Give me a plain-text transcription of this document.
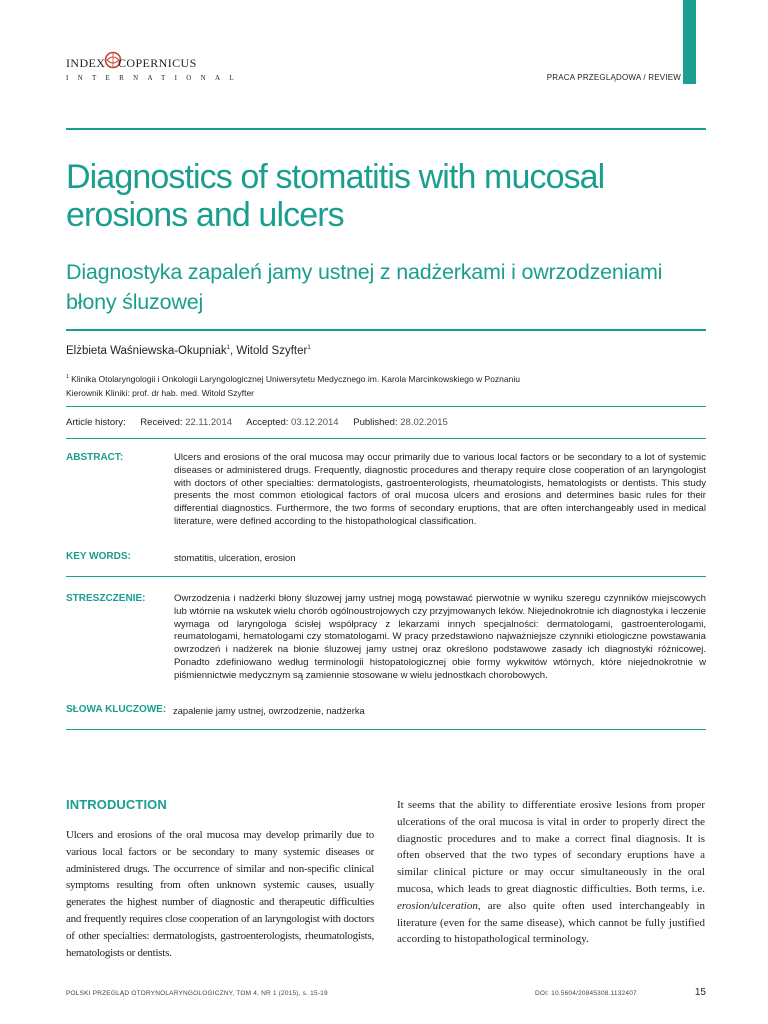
INDEX COPERNICUS
INTERNATIONAL	PRACA PRZEGLĄDOWA / REVIEW
Diagnostics of stomatitis with mucosal erosions and ulcers
Diagnostyka zapaleń jamy ustnej z nadżerkami i owrzodzeniami błony śluzowej
Elżbieta Waśniewska-Okupniak$^1$, Witold Szyfter$^1$
$^1$ Klinika Otolaryngologii i Onkologii Laryngologicznej Uniwersytetu Medycznego im. Karola Marcinkowskiego w Poznaniu
Kierownik Kliniki: prof. dr hab. med. Witold Szyfter
Article history: Received: 22.11.2014 Accepted: 03.12.2014 Published: 28.02.2015
ABSTRACT:	Ulcers and erosions of the oral mucosa may occur primarily due to various local factors or be secondary to a lot of systemic diseases or administered drugs. Frequently, diagnostic procedures and therapy require close cooperation of an laryngologist with doctors of other specialties: dermatologists, gastroenterologists, rheumatologists, hematologists or dentists. This study presents the most common etiological factors of oral mucosa ulcers and erosions and determines basic rules for their differential diagnostics. Furthermore, the two forms of secondary eruptions, that are often interchangeably used in medical literature, were defined according to the histopathological classification.
KEY WORDS:	stomatitis, ulceration, erosion
STRESZCZENIE:	Owrzodzenia i nadżerki błony śluzowej jamy ustnej mogą powstawać pierwotnie w wyniku szeregu czynników miejscowych lub wtórnie na wskutek wielu chorób ogólnoustrojowych czy przyjmowanych leków. Niejednokrotnie ich diagnostyka i leczenie wymaga od laryngologa ścisłej współpracy z lekarzami innych specjalności: dermatologami, gastroenterologami, reumatologami, hematologami czy stomatologami. W pracy przedstawiono najważniejsze czynniki etiologiczne powstawania owrzodzeń i nadżerek na błonie śluzowej jamy ustnej oraz określono podstawowe zasady ich diagnostyki różnicowej. Ponadto zdefiniowano według terminologii histopatologicznej obie formy wykwitów wtórnych, które niejednokrotnie w piśmiennictwie medycznym są zamiennie stosowane w wielu jednostkach chorobowych.
SŁOWA KLUCZOWE: zapalenie jamy ustnej, owrzodzenie, nadżerka
INTRODUCTION
Ulcers and erosions of the oral mucosa may develop primarily due to various local factors or be secondary to many systemic diseases or administered drugs. The occurrence of similar and non-specific clinical symptoms resulting from often unknown systemic causes, usually generates the highest number of diagnostic and therapeutic difficulties and frequently requires close cooperation of an laryngologist with doctors of other specialties: dermatologists, gastroenterologists, rheumatologists, hematologists or dentists.
It seems that the ability to differentiate erosive lesions from proper ulcerations of the oral mucosa is vital in order to properly direct the diagnostic procedures and to make a correct final diagnosis. It is often observed that the two types of secondary eruptions have a similar clinical picture or may occur simultaneously in the oral mucosa, which leads to great diagnostic difficulties. Both terms, i.e. erosion/ulceration, are also quite often used interchangeably in literature (even for the same disease), which cannot be fully justified according to histopathological terminology.
POLSKI PRZEGLĄD OTORYNOLARYNGOLOGICZNY, TOM 4, NR 1 (2015), s. 15-19	DOI: 10.5604/20845308.1132407	15
